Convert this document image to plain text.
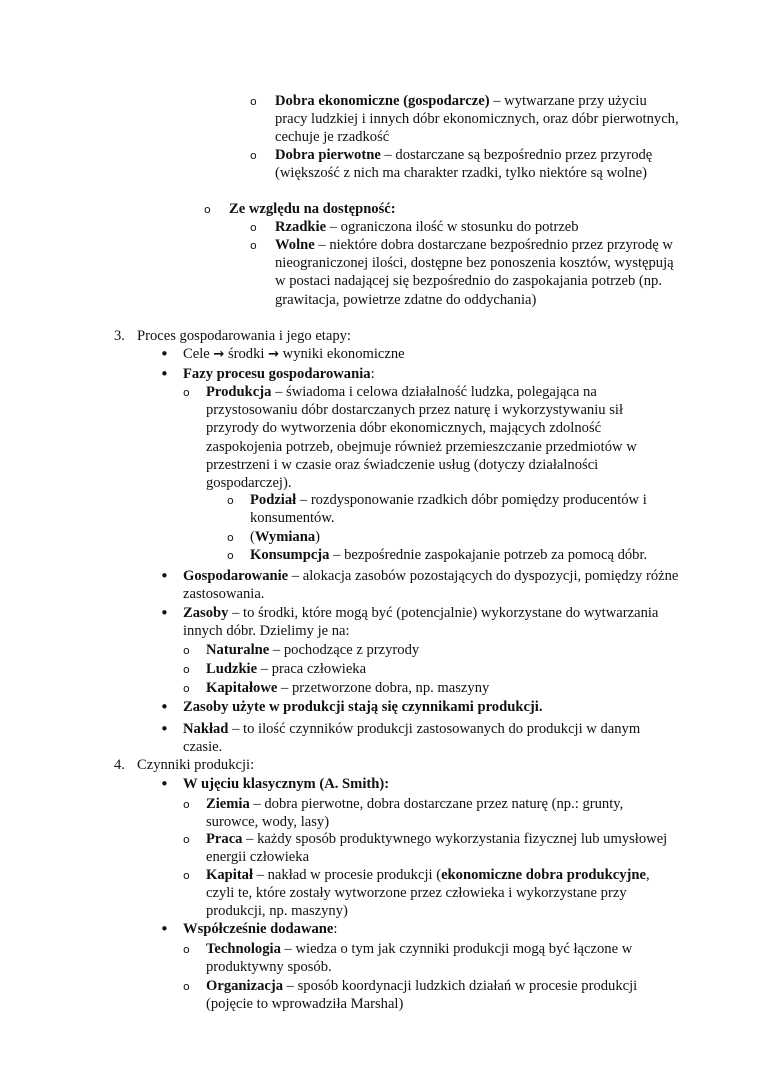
o Dobra ekonomiczne (gospodarcze) – wytwarzane przy użyciu pracy ludzkiej i innych dóbr ekonomicznych, oraz dóbr pierwotnych, cechuje je rzadkość
o Dobra pierwotne – dostarczane są bezpośrednio przez przyrodę (większość z nich ma charakter rzadki, tylko niektóre są wolne)
o Ze względu na dostępność:
o Rzadkie – ograniczona ilość w stosunku do potrzeb
o Wolne – niektóre dobra dostarczane bezpośrednio przez przyrodę w nieograniczonej ilości, dostępne bez ponoszenia kosztów, występują w postaci nadającej się bezpośrednio do zaspokajania potrzeb (np. grawitacja, powietrze zdatne do oddychania)
3. Proces gospodarowania i jego etapy:
• Cele → środki → wyniki ekonomiczne
• Fazy procesu gospodarowania:
o Produkcja – świadoma i celowa działalność ludzka, polegająca na przystosowaniu dóbr dostarczanych przez naturę i wykorzystywaniu sił przyrody do wytworzenia dóbr ekonomicznych, mających zdolność zaspokojenia potrzeb, obejmuje również przemieszczanie przedmiotów w przestrzeni i w czasie oraz świadczenie usług (dotyczy działalności gospodarczej).
o Podział – rozdysponowanie rzadkich dóbr pomiędzy producentów i konsumentów.
o (Wymiana)
o Konsumpcja – bezpośrednie zaspokajanie potrzeb za pomocą dóbr.
• Gospodarowanie – alokacja zasobów pozostających do dyspozycji, pomiędzy różne zastosowania.
• Zasoby – to środki, które mogą być (potencjalnie) wykorzystane do wytwarzania innych dóbr. Dzielimy je na:
o Naturalne – pochodzące z przyrody
o Ludzkie – praca człowieka
o Kapitałowe – przetworzone dobra, np. maszyny
• Zasoby użyte w produkcji stają się czynnikami produkcji.
• Nakład – to ilość czynników produkcji zastosowanych do produkcji w danym czasie.
4. Czynniki produkcji:
• W ujęciu klasycznym (A. Smith):
o Ziemia – dobra pierwotne, dobra dostarczane przez naturę (np.: grunty, surowce, wody, lasy)
o Praca – każdy sposób produktywnego wykorzystania fizycznej lub umysłowej energii człowieka
o Kapitał – nakład w procesie produkcji (ekonomiczne dobra produkcyjne, czyli te, które zostały wytworzone przez człowieka i wykorzystane przy produkcji, np. maszyny)
• Współcześnie dodawane:
o Technologia – wiedza o tym jak czynniki produkcji mogą być łączone w produktywny sposób.
o Organizacja – sposób koordynacji ludzkich działań w procesie produkcji (pojęcie to wprowadziła Marshal)
